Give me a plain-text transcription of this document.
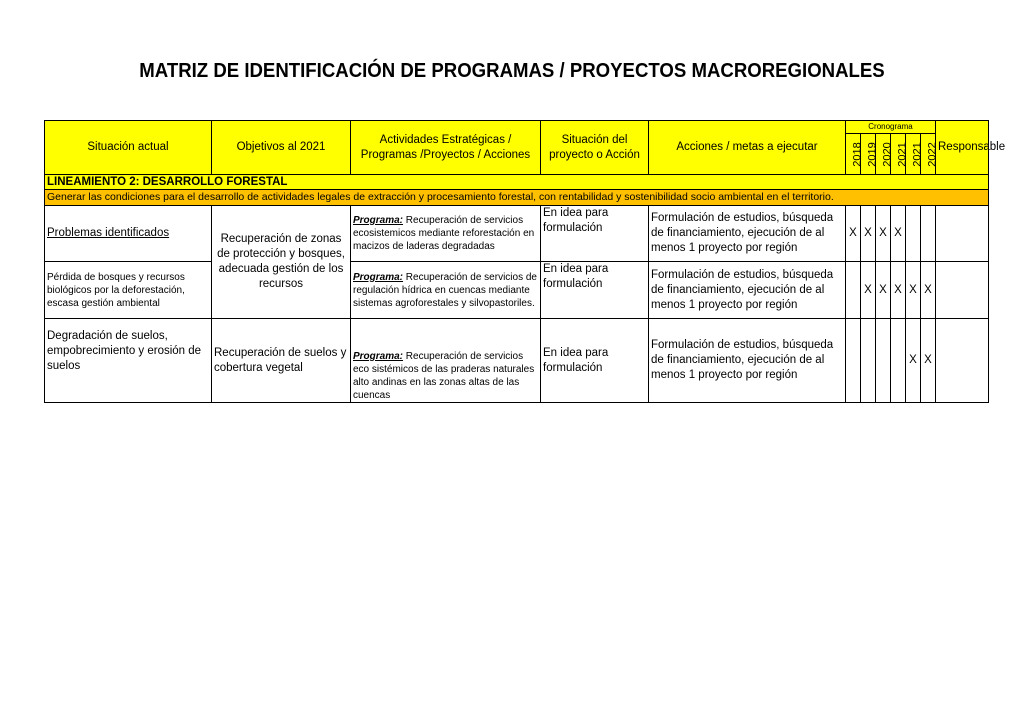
MATRIZ DE IDENTIFICACIÓN DE PROGRAMAS / PROYECTOS MACROREGIONALES
Situación actual	Objetivos al 2021	Actividades Estratégicas / Programas /Proyectos / Acciones	Situación del proyecto o Acción	Acciones / metas a ejecutar	Cronograma						Responsable
					2018	2019	2020	2021	2021	2022	
LINEAMIENTO 2: DESARROLLO FORESTAL											
Generar las condiciones para el desarrollo de actividades legales de extracción y procesamiento forestal, con rentabilidad y sostenibilidad socio ambiental en el territorio.											
Problemas identificados	Recuperación de zonas de protección y bosques, adecuada gestión de los recursos	Programa: Recuperación de servicios ecosistemicos mediante reforestación en macizos de laderas degradadas	En idea para formulación	Formulación de estudios, búsqueda de financiamiento, ejecución de al menos 1 proyecto por región	X	X	X	X			
Pérdida de bosques y recursos biológicos por la deforestación, escasa gestión ambiental		Programa: Recuperación de servicios de regulación hídrica en cuencas mediante sistemas agroforestales y silvopastoriles.	En idea para formulación	Formulación de estudios, búsqueda de financiamiento, ejecución de al menos 1 proyecto por región		X	X	X	X	X	
Degradación de suelos, empobrecimiento y erosión de suelos	Recuperación de suelos y cobertura vegetal	Programa: Recuperación de servicios eco sistémicos de las praderas naturales alto andinas en las zonas altas de las cuencas	En idea para formulación	Formulación de estudios, búsqueda de financiamiento, ejecución de al menos 1 proyecto por región					X	X	
